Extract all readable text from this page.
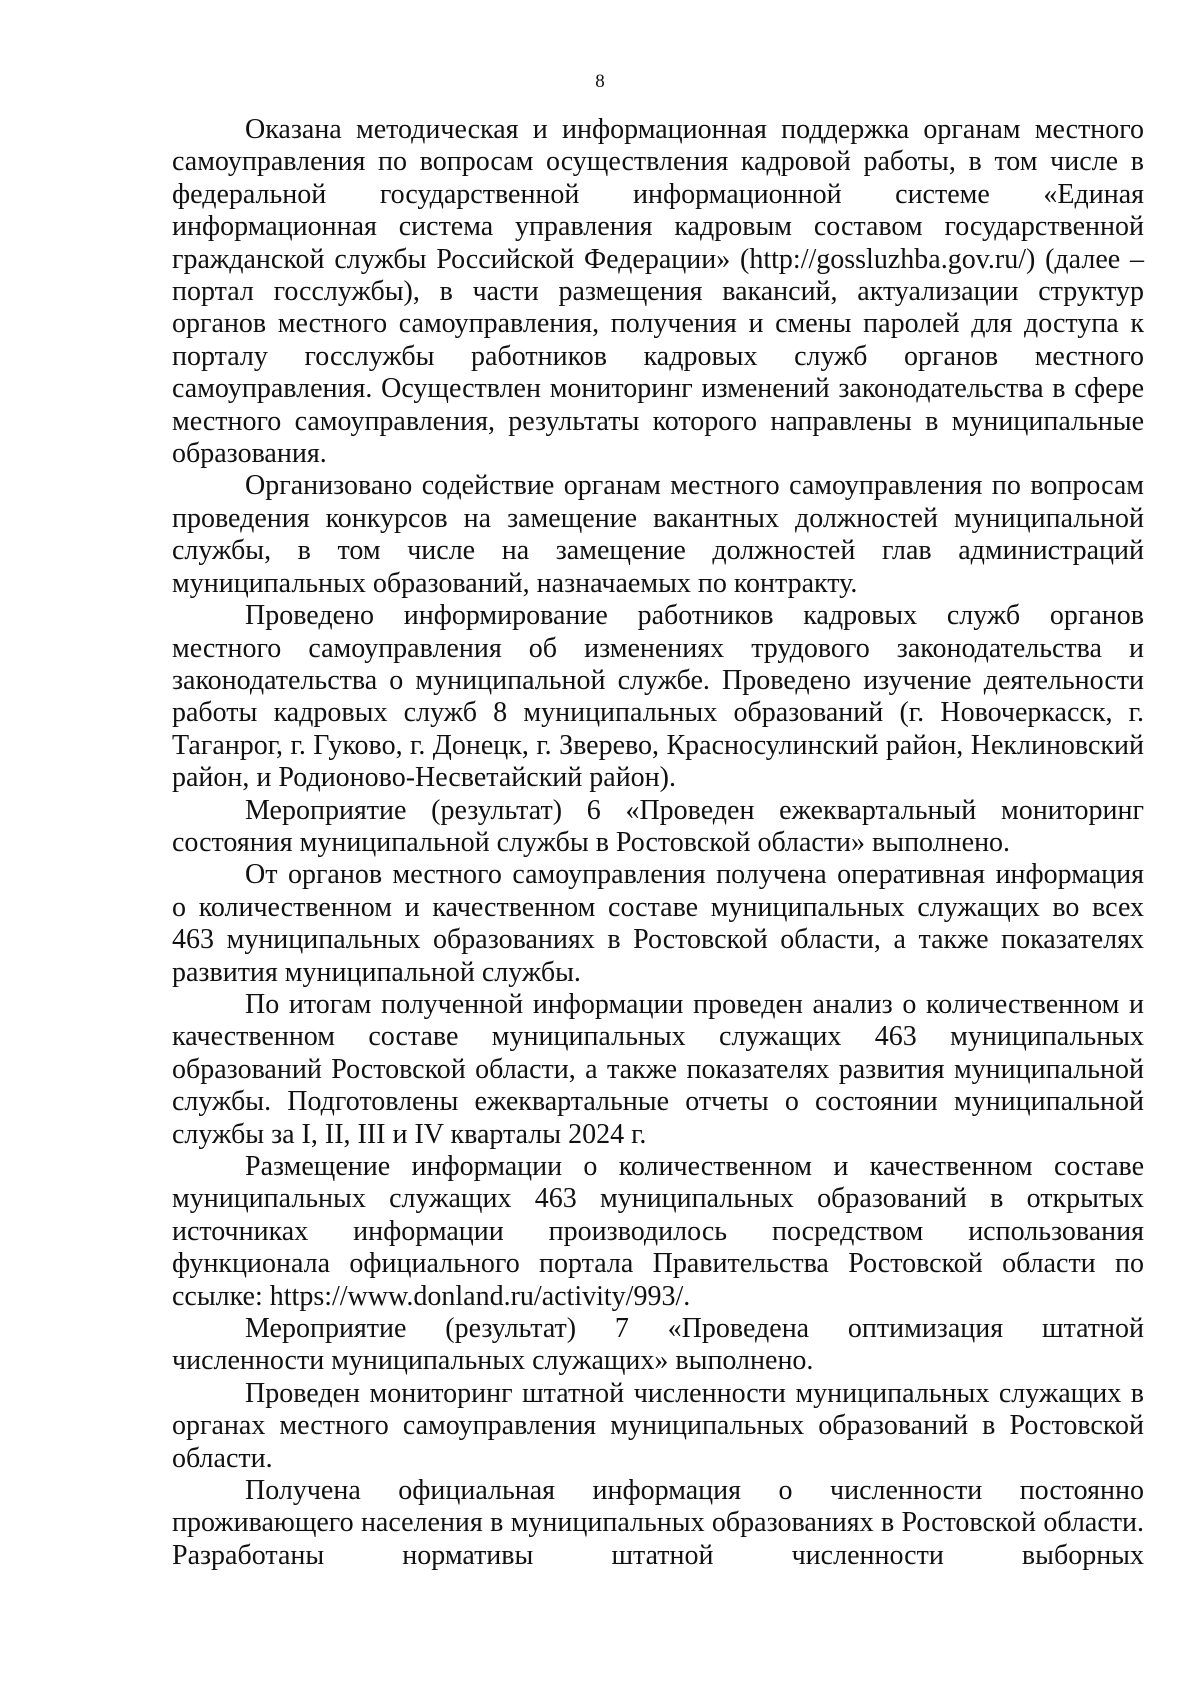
8

Оказана методическая и информационная поддержка органам местного самоуправления по вопросам осуществления кадровой работы, в том числе в федеральной государственной информационной системе «Единая информационная система управления кадровым составом государственной гражданской службы Российской Федерации» (http://gossluzhba.gov.ru/) (далее – портал госслужбы), в части размещения вакансий, актуализации структур органов местного самоуправления, получения и смены паролей для доступа к порталу госслужбы работников кадровых служб органов местного самоуправления. Осуществлен мониторинг изменений законодательства в сфере местного самоуправления, результаты которого направлены в муниципальные образования.

Организовано содействие органам местного самоуправления по вопросам проведения конкурсов на замещение вакантных должностей муниципальной службы, в том числе на замещение должностей глав администраций муниципальных образований, назначаемых по контракту.

Проведено информирование работников кадровых служб органов местного самоуправления об изменениях трудового законодательства и законодательства о муниципальной службе. Проведено изучение деятельности работы кадровых служб 8 муниципальных образований (г. Новочеркасск, г. Таганрог, г. Гуково, г. Донецк, г. Зверево, Красносулинский район, Неклиновский район, и Родионово-Несветайский район).

Мероприятие (результат) 6 «Проведен ежеквартальный мониторинг состояния муниципальной службы в Ростовской области» выполнено.

От органов местного самоуправления получена оперативная информация о количественном и качественном составе муниципальных служащих во всех 463 муниципальных образованиях в Ростовской области, а также показателях развития муниципальной службы.

По итогам полученной информации проведен анализ о количественном и качественном составе муниципальных служащих 463 муниципальных образований Ростовской области, а также показателях развития муниципальной службы. Подготовлены ежеквартальные отчеты о состоянии муниципальной службы за I, II, III и IV кварталы 2024 г.

Размещение информации о количественном и качественном составе муниципальных служащих 463 муниципальных образований в открытых источниках информации производилось посредством использования функционала официального портала Правительства Ростовской области по ссылке: https://www.donland.ru/activity/993/.

Мероприятие (результат) 7 «Проведена оптимизация штатной численности муниципальных служащих» выполнено.

Проведен мониторинг штатной численности муниципальных служащих в органах местного самоуправления муниципальных образований в Ростовской области.

Получена официальная информация о численности постоянно проживающего населения в муниципальных образованиях в Ростовской области. Разработаны нормативы штатной численности выборных
